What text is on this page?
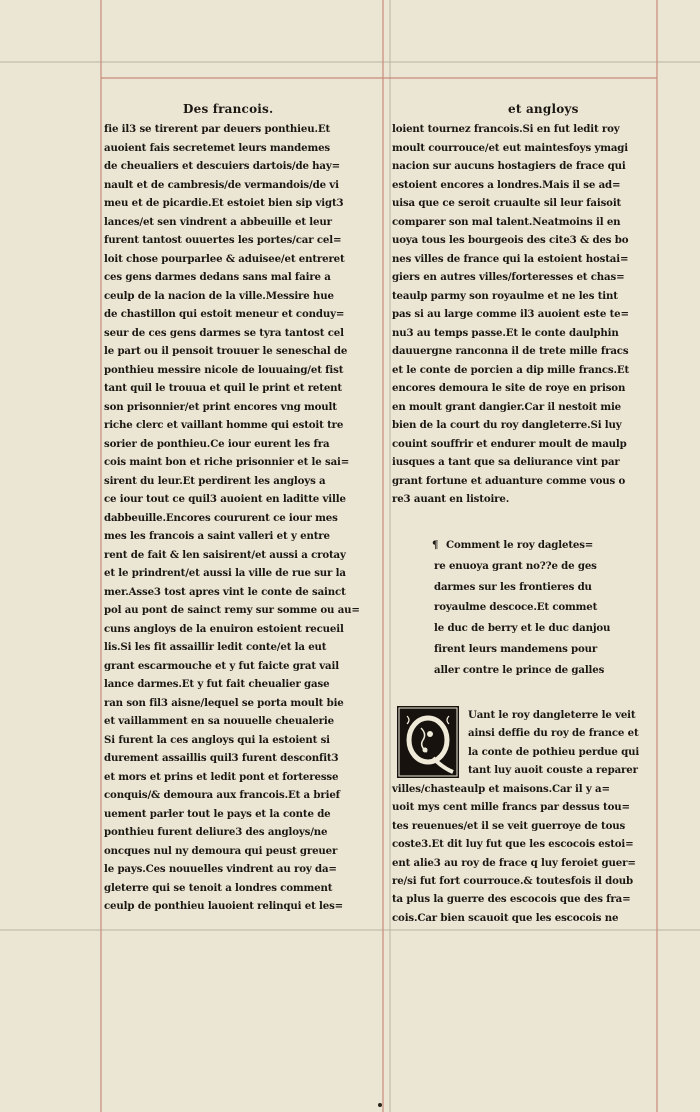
Des francois.	et angloys
fie il3 se tirerent par deuers ponthieu.Et
auoient fais secretemet leurs mandemes
de cheualiers et descuiers dartois/de hay=
nault et de cambresis/de vermandois/de vi
meu et de picardie.Et estoiet bien sip vigt3
lances/et sen vindrent a abbeuille et leur
furent tantost ouuertes les portes/car cel=
loit chose pourparlee & aduisee/et entreret
ces gens darmes dedans sans mal faire a
ceulp de la nacion de la ville.Messire hue
de chastillon qui estoit meneur et conduy=
seur de ces gens darmes se tyra tantost cel
le part ou il pensoit trouuer le seneschal de
ponthieu messire nicole de louuaing/et fist
tant quil le trouua et quil le print et retent
son prisonnier/et print encores vng moult
riche clerc et vaillant homme qui estoit tre
sorier de ponthieu.Ce iour eurent les fra
cois maint bon et riche prisonnier et le sai=
sirent du leur.Et perdirent les angloys a
ce iour tout ce quil3 auoient en laditte ville
dabbeuille.Encores coururent ce iour mes
mes les francois a saint valleri et y entre
rent de fait & len saisirent/et aussi a crotay
et le prindrent/et aussi la ville de rue sur la
mer.Asse3 tost apres vint le conte de sainct
pol au pont de sainct remy sur somme ou au=
cuns angloys de la enuiron estoient recueil
lis.Si les fit assaillir ledit conte/et la eut
grant escarmouche et y fut faicte grat vail
lance darmes.Et y fut fait cheualier gase
ran son fil3 aisne/lequel se porta moult bie
et vaillamment en sa nouuelle cheualerie
Si furent la ces angloys qui la estoient si
durement assaillis quil3 furent desconfit3
et mors et prins et ledit pont et forteresse
conquis/& demoura aux francois.Et a brief
uement parler tout le pays et la conte de
ponthieu furent deliure3 des angloys/ne
oncques nul ny demoura qui peust greuer
le pays.Ces nouuelles vindrent au roy da=
gleterre qui se tenoit a londres comment
ceulp de ponthieu lauoient relinqui et les=
loient tournez francois.Si en fut ledit roy
moult courrouce/et eut maintesfoys ymagi
nacion sur aucuns hostagiers de frace qui
estoient encores a londres.Mais il se ad=
uisa que ce seroit cruaulte sil leur faisoit
comparer son mal talent.Neatmoins il en
uoya tous les bourgeois des cite3 & des bo
nes villes de france qui la estoient hostai=
giers en autres villes/forteresses et chas=
teaulp parmy son royaulme et ne les tint
pas si au large comme il3 auoient este te=
nu3 au temps passe.Et le conte daulphin
dauuergne ranconna il de trete mille fracs
et le conte de porcien a dip mille francs.Et
encores demoura le site de roye en prison
en moult grant dangier.Car il nestoit mie
bien de la court du roy dangleterre.Si luy
couint souffrir et endurer moult de maulp
iusques a tant que sa deliurance vint par
grant fortune et aduanture comme vous o
re3 auant en listoire.
¶ Comment le roy dagletes=
re enuoya grant no??e de ges
darmes sur les frontieres du
royaulme descoce.Et commet
le duc de berry et le duc danjou
firent leurs mandemens pour
aller contre le prince de galles
Uant le roy dangleterre le veit
ainsi deffie du roy de france et
la conte de pothieu perdue qui
tant luy auoit couste a reparer
villes/chasteaulp et maisons.Car il y a=
uoit mys cent mille francs par dessus tou=
tes reuenues/et il se veit guerroye de tous
coste3.Et dit luy fut que les escocois estoi=
ent alie3 au roy de frace q luy feroiet guer=
re/si fut fort courrouce.& toutesfois il doub
ta plus la guerre des escocois que des fra=
cois.Car bien scauoit que les escocois ne
